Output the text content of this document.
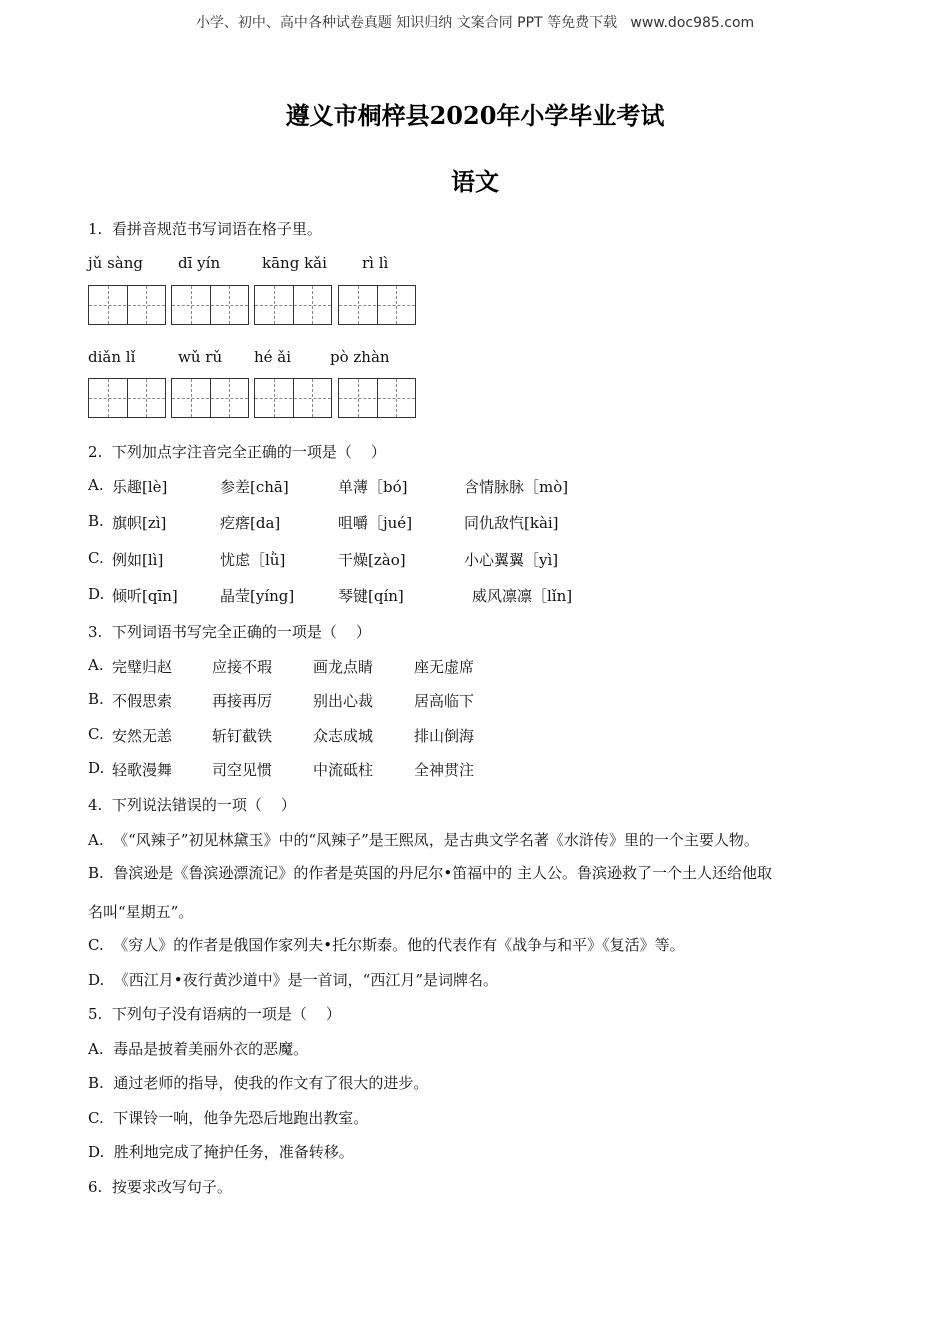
小学、初中、高中各种试卷真题 知识归纳 文案合同 PPT 等免费下载   www.doc985.com
遵义市桐梓县2020年小学毕业考试
语文
1.  看拼音规范书写词语在格子里。
jǔ sàng dī yín	kāng kǎi rì lì
diǎn lǐ	wǔ rǔ hé ǎi	pò zhàn
2.  下列加点字注音完全正确的一项是（    ）
A. 乐趣[lè]	参差[chā]	单薄［bó]	含情脉脉［mò]
B. 旗帜[zì]	疙瘩[da]	咀嚼［jué]	同仇敌忾[kài]
C. 例如[lì]	忧虑［lǜ]	干燥[zào]	小心翼翼［yì]
D. 倾听[qīn]	晶莹[yíng]	琴键[qín]	威风凛凛［lǐn]
3.  下列词语书写完全正确的一项是（    ）
A. 完璧归赵	应接不瑕	画龙点睛	座无虚席
B. 不假思索	再接再厉	别出心裁	居高临下
C. 安然无恙	斩钉截铁	众志成城	排山倒海
D. 轻歌漫舞	司空见惯	中流砥柱	全神贯注
4.  下列说法错误的一项（    ）
A.  《“风辣子”初见林黛玉》中的“风辣子”是王熙凤，是古典文学名著《水浒传》里的一个主要人物。
B.  鲁滨逊是《鲁滨逊漂流记》的作者是英国的丹尼尔•笛福中的 主人公。鲁滨逊救了一个土人还给他取
名叫“星期五”。
C.  《穷人》的作者是俄国作家列夫•托尔斯泰。他的代表作有《战争与和平》《复活》等。
D.  《西江月•夜行黄沙道中》是一首词，“西江月”是词牌名。
5.  下列句子没有语病的一项是（    ）
A.  毒品是披着美丽外衣的恶魔。
B.  通过老师的指导，使我的作文有了很大的进步。
C.  下课铃一响，他争先恐后地跑出教室。
D.  胜利地完成了掩护任务，准备转移。
6.  按要求改写句子。
